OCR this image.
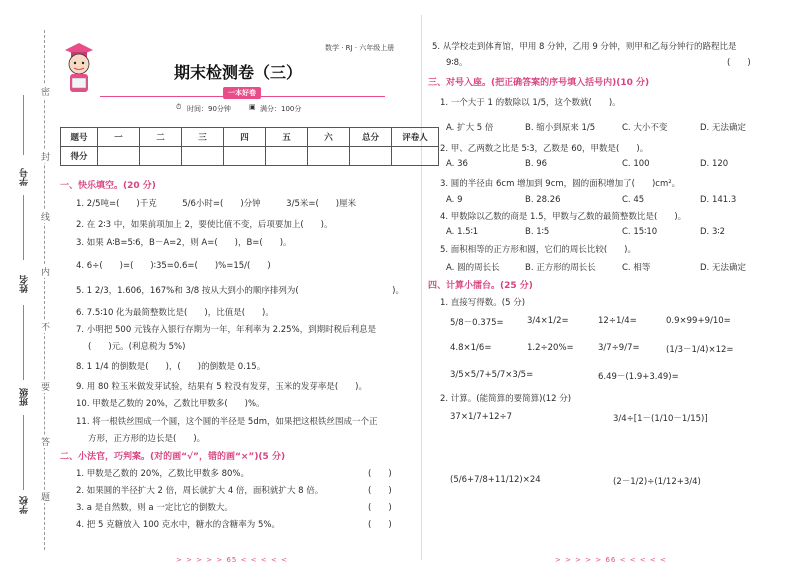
密
封
线
内
不
要
答
题
学号
姓名
班级
学校
数学 · RJ · 六年级上册
期末检测卷（三）
一本好卷
⏱ 时间：90分钟	▣ 满分：100分
题号	一	二	三	四	五	六	总分	评卷人
得分								
一、快乐填空。(20 分)
1. 2/5吨=(　　)千克　　　5/6小时=(　　)分钟　　　3/5米=(　　)厘米
2. 在 2∶3 中，如果前项加上 2，要使比值不变，后项要加上(　　)。
3. 如果 A∶B=5∶6，B－A=2，则 A=(　　)，B=(　　)。
4. 6÷(　　)=(　　)∶35=0.6=(　　)%=15/(　　)
5. 1 2/3，1.606，167%和 3/8 按从大到小的顺序排列为(　　　　　　　　　　　)。
6. 7.5∶10 化为最简整数比是(　　)，比值是(　　)。
7. 小明把 500 元钱存入银行存期为一年，年利率为 2.25%，到期时税后利息是
(　　)元。(利息税为 5%)
8. 1 1/4 的倒数是(　　)，(　　)的倒数是 0.15。
9. 用 80 粒玉米做发芽试验，结果有 5 粒没有发芽，玉米的发芽率是(　　)。
10. 甲数是乙数的 20%，乙数比甲数多(　　)%。
11. 将一根铁丝围成一个圆，这个圆的半径是 5dm，如果把这根铁丝围成一个正
方形，正方形的边长是(　　)。
二、小法官，巧判案。(对的画“√”，错的画“×”)(5 分)
1. 甲数是乙数的 20%，乙数比甲数多 80%。	(　　)
2. 如果圆的半径扩大 2 倍，周长就扩大 4 倍，面积就扩大 8 倍。	(　　)
3. a 是自然数，则 a 一定比它的倒数大。	(　　)
4. 把 5 克糖放入 100 克水中，糖水的含糖率为 5%。	(　　)
> > > > > 65 < < < < <
5. 从学校走到体育馆，甲用 8 分钟，乙用 9 分钟，则甲和乙每分钟行的路程比是
9∶8。	(　　)
三、对号入座。(把正确答案的序号填入括号内)(10 分)
1. 一个大于 1 的数除以 1/5，这个数就(　　)。
A. 扩大 5 倍	B. 缩小到原来 1/5	C. 大小不变	D. 无法确定
2. 甲、乙两数之比是 5∶3，乙数是 60，甲数是(　　)。
A. 36	B. 96	C. 100	D. 120
3. 圆的半径由 6cm 增加到 9cm，圆的面积增加了(　　)cm²。
A. 9	B. 28.26	C. 45	D. 141.3
4. 甲数除以乙数的商是 1.5，甲数与乙数的最简整数比是(　　)。
A. 1.5∶1	B. 1∶5	C. 15∶10	D. 3∶2
5. 面积相等的正方形和圆，它们的周长比较(　　)。
A. 圆的周长长	B. 正方形的周长长	C. 相等	D. 无法确定
四、计算小擂台。(25 分)
1. 直接写得数。(5 分)
5/8－0.375=	3/4×1/2=	12÷1/4=	0.9×99+9/10=
4.8×1/6=	1.2÷20%=	3/7÷9/7=	(1/3－1/4)×12=
3/5×5/7+5/7×3/5=	6.49－(1.9+3.49)=
2. 计算。(能简算的要简算)(12 分)
37×1/7+12÷7	3/4÷[1－(1/10－1/15)]
(5/6+7/8+11/12)×24	(2－1/2)÷(1/12+3/4)
> > > > > 66 < < < < <
